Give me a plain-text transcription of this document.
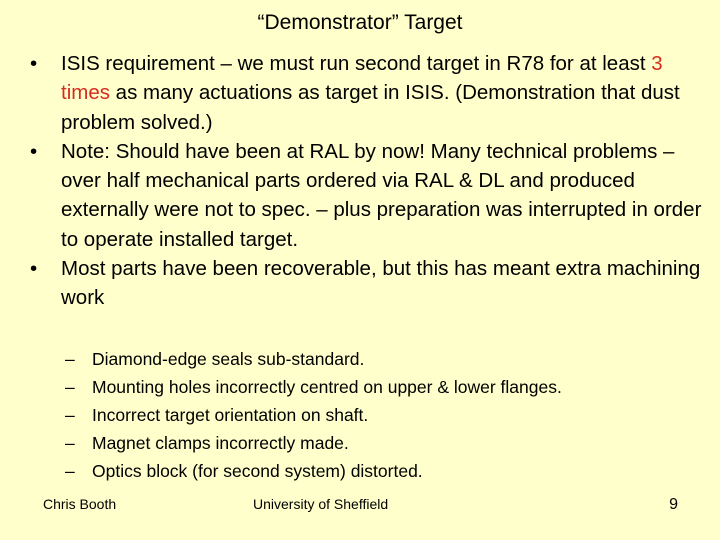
“Demonstrator” Target
• ISIS requirement – we must run second target in R78 for at least 3 times as many actuations as target in ISIS. (Demonstration that dust problem solved.)
• Note: Should have been at RAL by now! Many technical problems – over half mechanical parts ordered via RAL & DL and produced externally were not to spec. – plus preparation was interrupted in order to operate installed target.
• Most parts have been recoverable, but this has meant extra machining work
– Diamond-edge seals sub-standard.
– Mounting holes incorrectly centred on upper & lower flanges.
– Incorrect target orientation on shaft.
– Magnet clamps incorrectly made.
– Optics block (for second system) distorted.
Chris Booth	University of Sheffield	9
